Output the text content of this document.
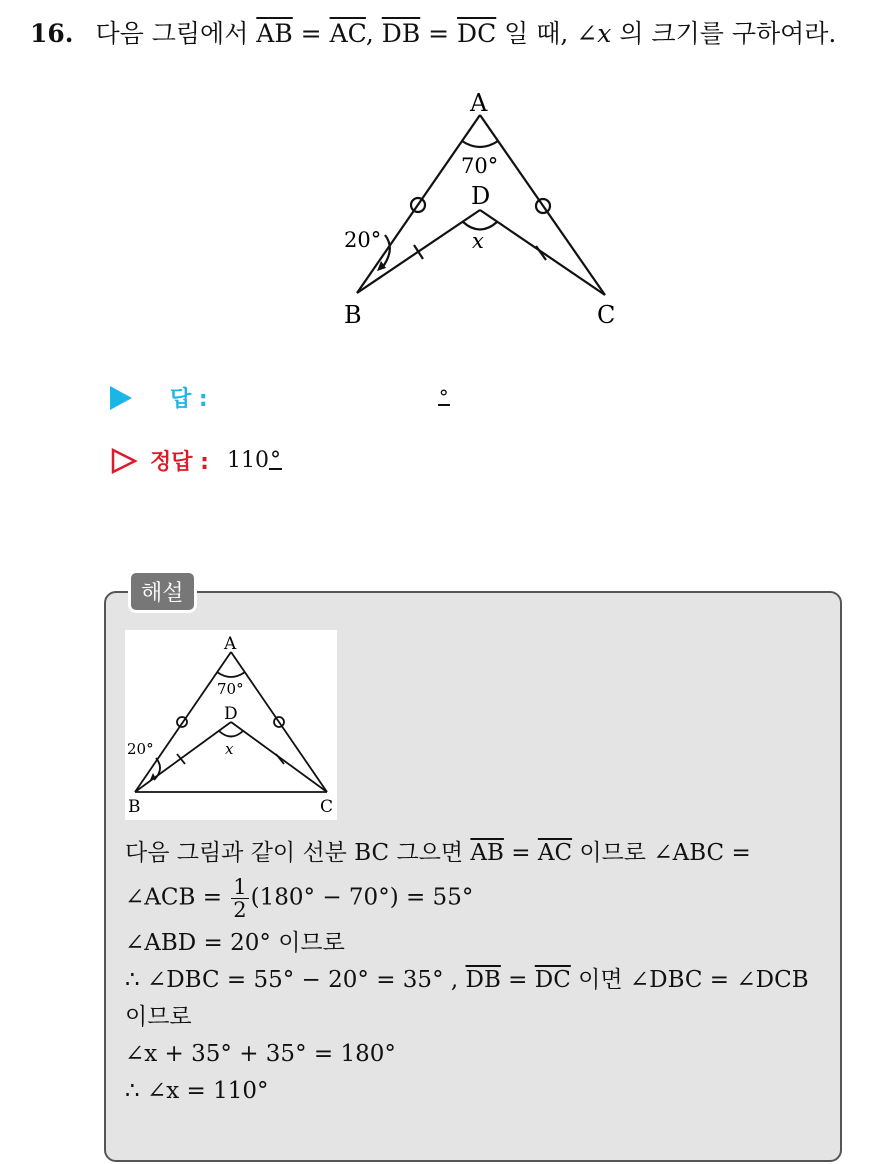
16. 다음 그림에서 $\overline{AB} = \overline{AC}$, $\overline{DB} = \overline{DC}$ 일 때, ∠x 의 크기를 구하여라.
A
D
B	C
70°
20°	x
답 :	°
정답 : 110°
해설
A
D
B	C
70°
20°	x
다음 그림과 같이 선분 BC 그으면 $\overline{AB} = \overline{AC}$ 이므로 ∠ABC =
∠ACB = $\frac{1}{2} (180^\circ - 70^\circ) = 55^\circ$
∠ABD = 20° 이므로
∴ ∠DBC = 55° − 20° = 35° , $\overline{DB} = \overline{DC}$ 이면 ∠DBC = ∠DCB
이므로
∠x + 35° + 35° = 180°
∴ ∠x = 110°
